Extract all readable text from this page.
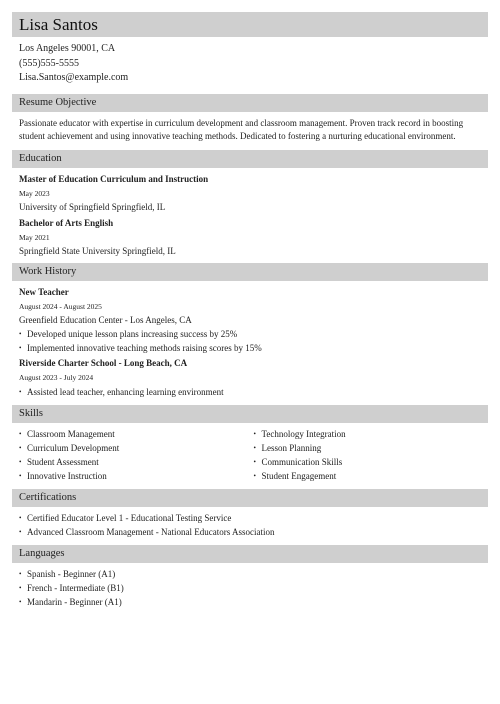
Lisa Santos
Los Angeles 90001, CA
(555)555-5555
Lisa.Santos@example.com
Resume Objective

Passionate educator with expertise in curriculum development and classroom management. Proven track record in boosting student achievement and using innovative teaching methods. Dedicated to fostering a nurturing educational environment.

Education
Master of Education Curriculum and Instruction
May 2023
University of Springfield Springfield, IL
Bachelor of Arts English
May 2021
Springfield State University Springfield, IL
Work History
New Teacher
August 2024 - August 2025
Greenfield Education Center - Los Angeles, CA
• Developed unique lesson plans increasing success by 25%
• Implemented innovative teaching methods raising scores by 15%
Riverside Charter School - Long Beach, CA
August 2023 - July 2024
• Assisted lead teacher, enhancing learning environment
Skills
• Classroom Management
• Curriculum Development
• Student Assessment
• Innovative Instruction
• Technology Integration
• Lesson Planning
• Communication Skills
• Student Engagement
Certifications
• Certified Educator Level 1 - Educational Testing Service
• Advanced Classroom Management - National Educators Association
Languages
• Spanish - Beginner (A1)
• French - Intermediate (B1)
• Mandarin - Beginner (A1)
